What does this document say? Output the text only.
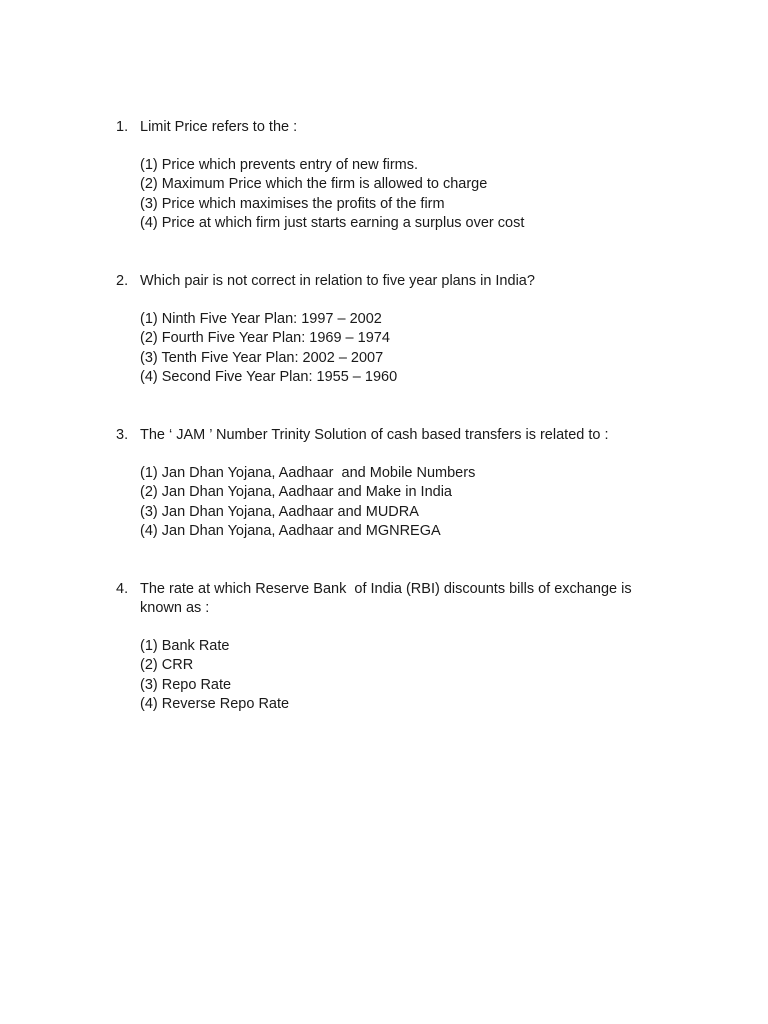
1. Limit Price refers to the :
(1) Price which prevents entry of new firms.
(2) Maximum Price which the firm is allowed to charge
(3) Price which maximises the profits of the firm
(4) Price at which firm just starts earning a surplus over cost
2. Which pair is not correct in relation to five year plans in India?
(1) Ninth Five Year Plan: 1997 – 2002
(2) Fourth Five Year Plan: 1969 – 1974
(3) Tenth Five Year Plan: 2002 – 2007
(4) Second Five Year Plan: 1955 – 1960
3. The ‘ JAM ’ Number Trinity Solution of cash based transfers is related to :
(1) Jan Dhan Yojana, Aadhaar  and Mobile Numbers
(2) Jan Dhan Yojana, Aadhaar and Make in India
(3) Jan Dhan Yojana, Aadhaar and MUDRA
(4) Jan Dhan Yojana, Aadhaar and MGNREGA
4. The rate at which Reserve Bank  of India (RBI) discounts bills of exchange is known as :
(1) Bank Rate
(2) CRR
(3) Repo Rate
(4) Reverse Repo Rate
